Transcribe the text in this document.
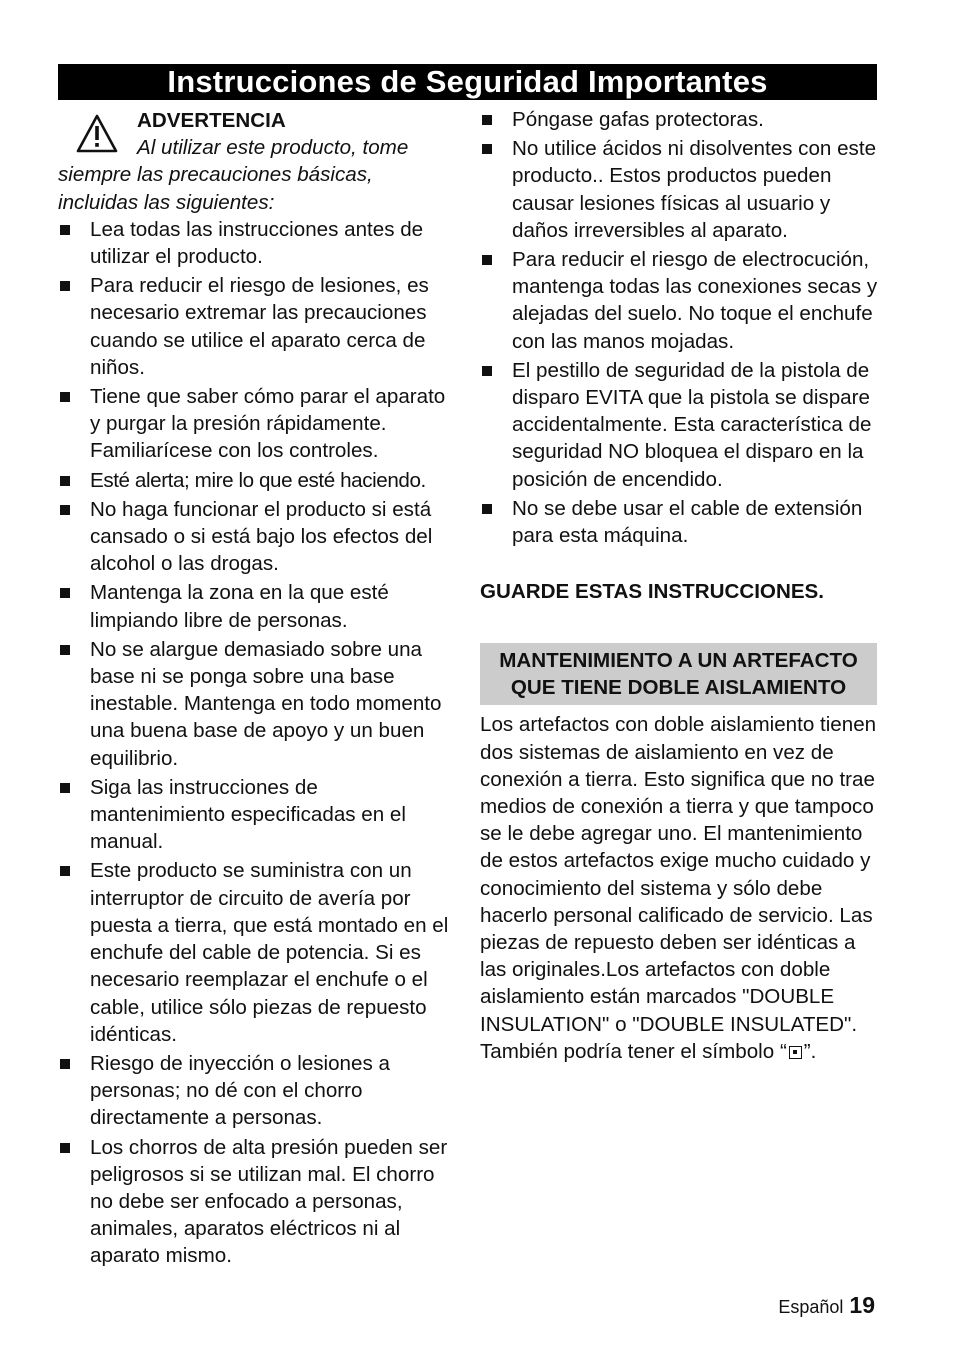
Instrucciones de Seguridad Importantes
ADVERTENCIA
Al utilizar este producto, tome siempre las precauciones básicas, incluidas las siguientes:
Lea todas las instrucciones antes de utilizar el producto.
Para reducir el riesgo de lesiones, es necesario extremar las precauciones cuando se utilice el aparato cerca de niños.
Tiene que saber cómo parar el aparato y purgar la presión rápidamente. Familiarícese con los controles.
Esté alerta; mire lo que esté haciendo.
No haga funcionar el producto si está cansado o si está bajo los efectos del alcohol o las drogas.
Mantenga la zona en la que esté limpiando libre de personas.
No se alargue demasiado sobre una base ni se ponga sobre una base inestable. Mantenga en todo momento una buena base de apoyo y un buen equilibrio.
Siga las instrucciones de mantenimiento especificadas en el manual.
Este producto se suministra con un interruptor de circuito de avería por puesta a tierra, que está montado en el enchufe del cable de potencia. Si es necesario reemplazar el enchufe o el cable, utilice sólo piezas de repuesto idénticas.
Riesgo de inyección o lesiones a personas; no dé con el chorro directamente a personas.
Los chorros de alta presión pueden ser peligrosos si se utilizan mal. El chorro no debe ser enfocado a personas, animales, aparatos eléctricos ni al aparato mismo.
Póngase gafas protectoras.
No utilice ácidos ni disolventes con este producto.. Estos productos pueden causar lesiones físicas al usuario y daños irreversibles al aparato.
Para reducir el riesgo de electrocución, mantenga todas las conexiones secas y alejadas del suelo. No toque el enchufe con las manos mojadas.
El pestillo de seguridad de la pistola de disparo EVITA que la pistola se dispare accidentalmente. Esta característica de seguridad NO bloquea el disparo en la posición de encendido.
No se debe usar el cable de extensión para esta máquina.
GUARDE ESTAS INSTRUCCIONES.
MANTENIMIENTO A UN ARTEFACTO
QUE TIENE DOBLE AISLAMIENTO
Los artefactos con doble aislamiento tienen dos sistemas de aislamiento en vez de conexión a tierra. Esto significa que no trae medios de conexión a tierra y que tampoco se le debe agregar uno. El mantenimiento de estos artefactos exige mucho cuidado y conocimiento del sistema y sólo debe hacerlo personal calificado de servicio. Las piezas de repuesto deben ser idénticas a las originales.Los artefactos con doble aislamiento están marcados "DOUBLE INSULATION" o "DOUBLE INSULATED". También podría tener el símbolo “ ”.
Español 19
